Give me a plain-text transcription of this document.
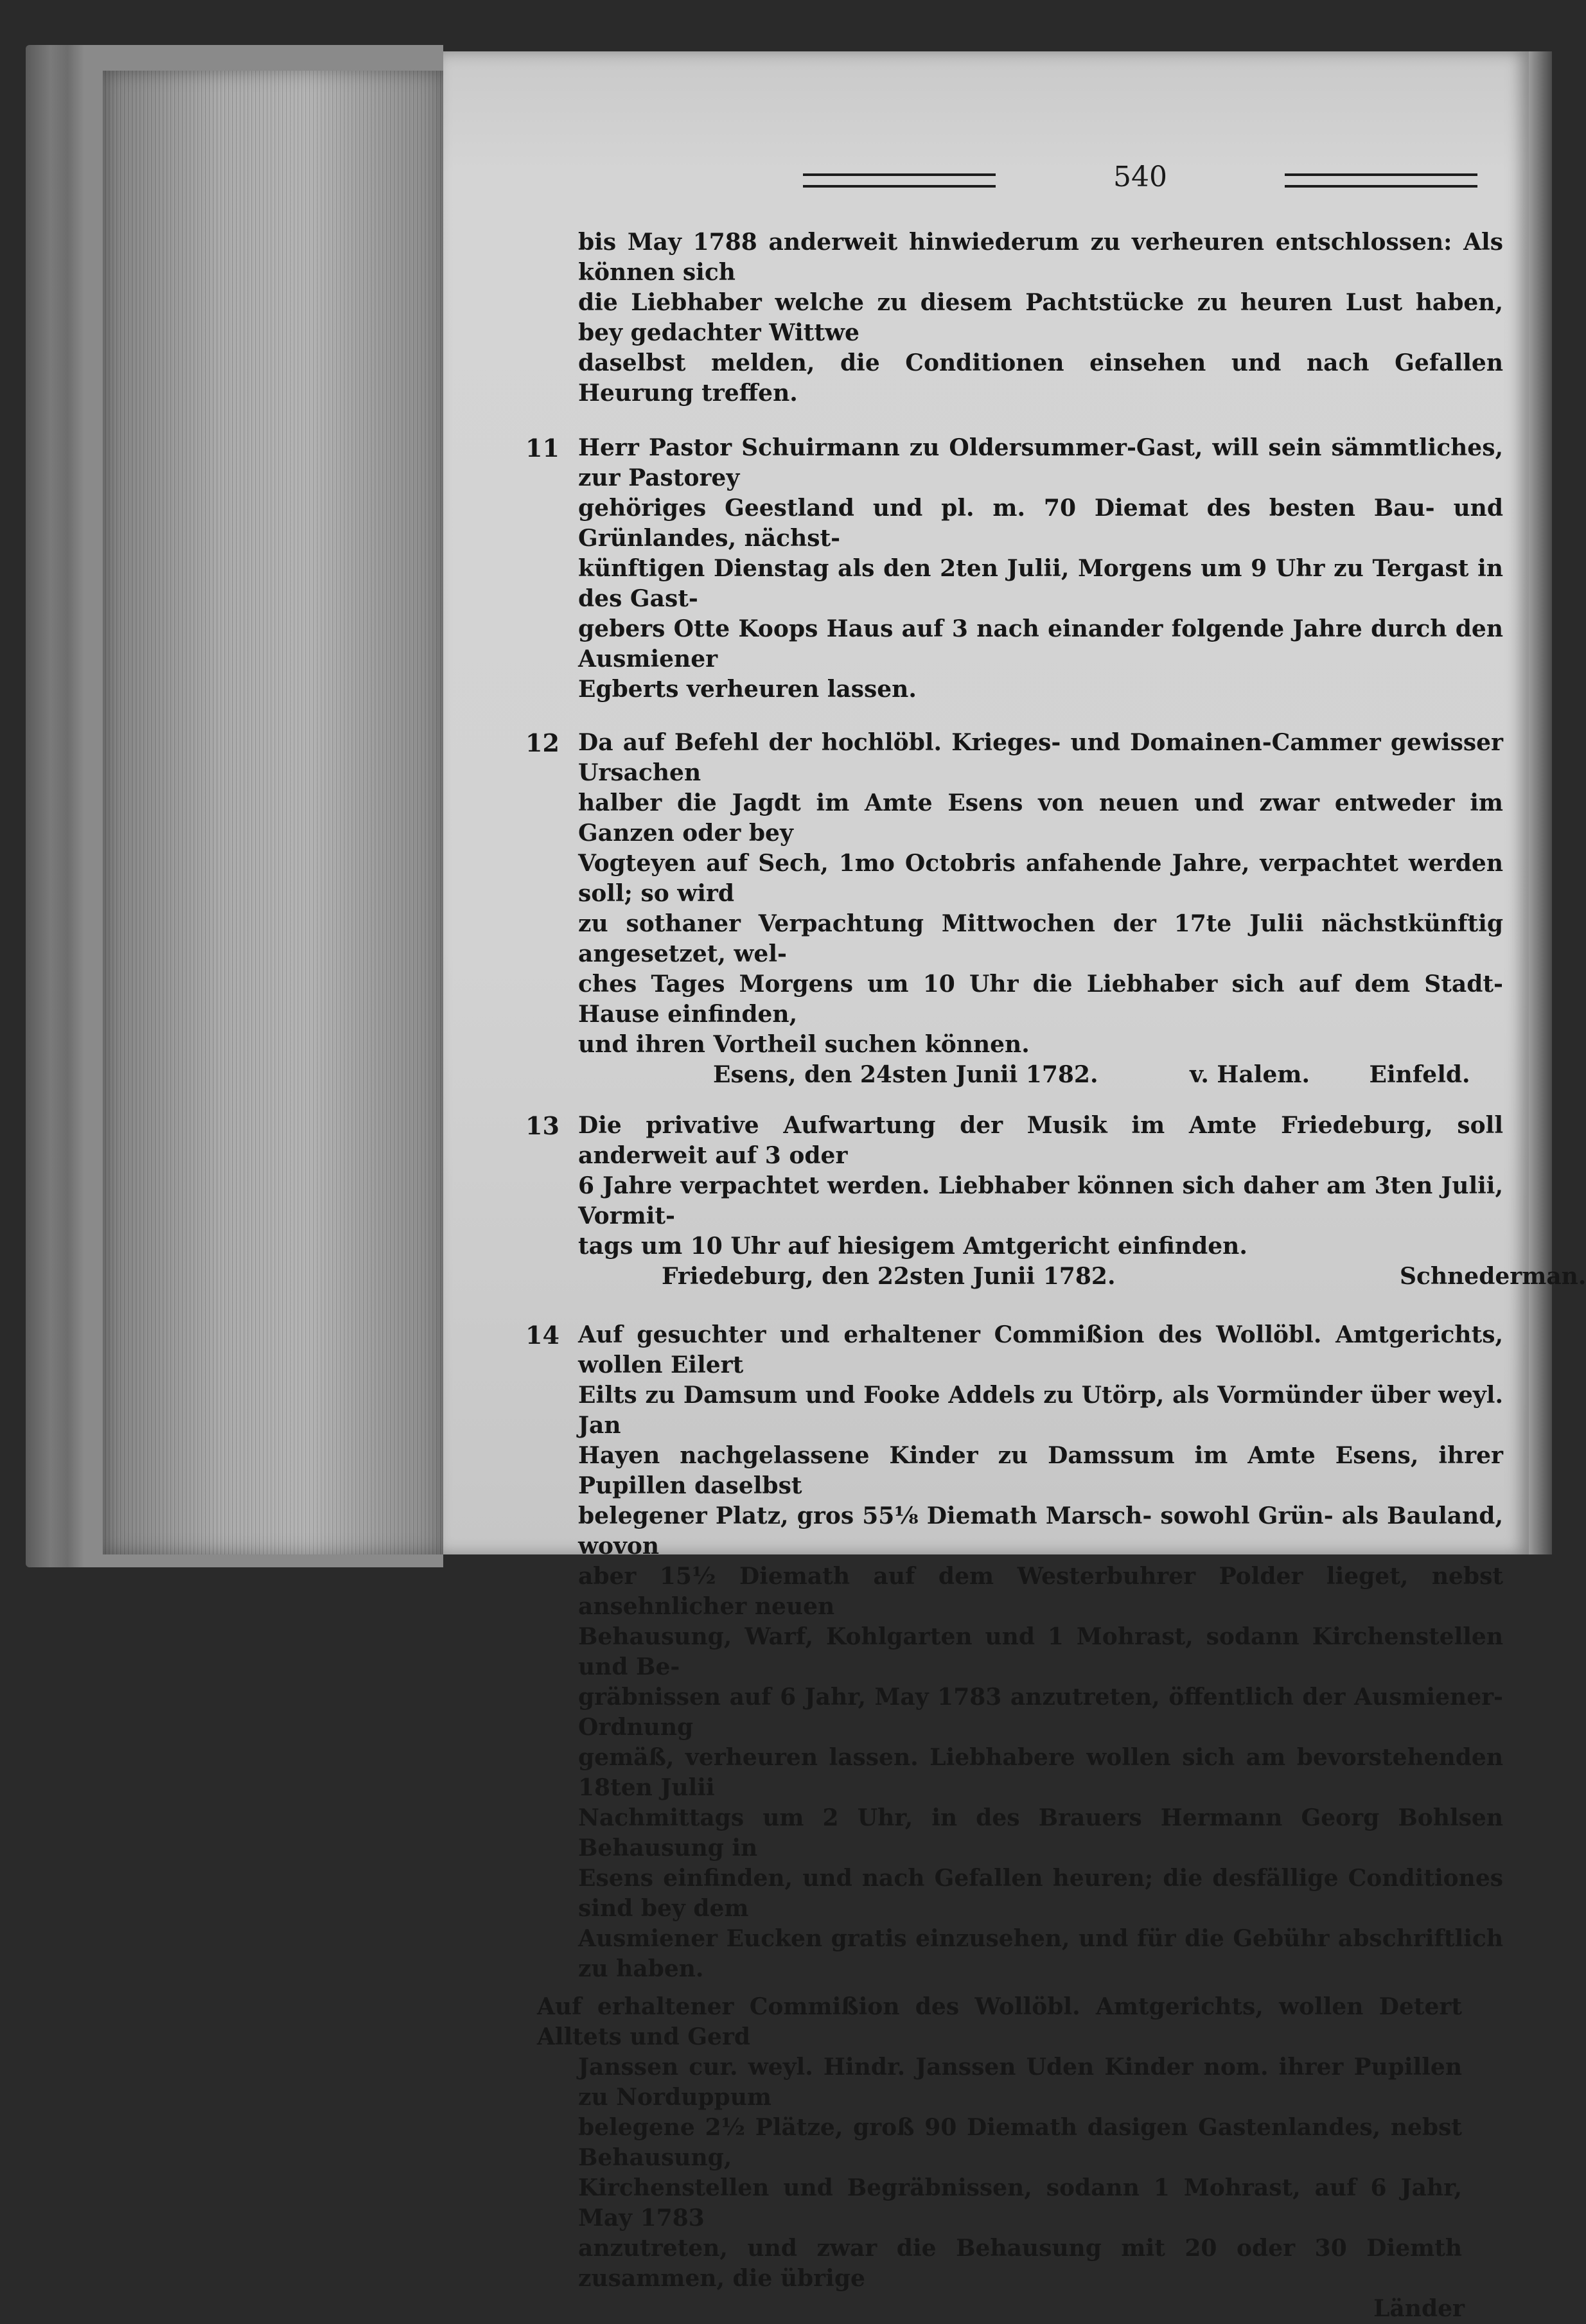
540
bis May 1788 anderweit hinwiederum zu verheuren entschlossen: Als können sich
die Liebhaber welche zu diesem Pachtstücke zu heuren Lust haben, bey gedachter Wittwe
daselbst melden, die Conditionen einsehen und nach Gefallen Heurung treffen.
11 Herr Pastor Schuirmann zu Oldersummer-Gast, will sein sämmtliches, zur Pastorey
gehöriges Geestland und pl. m. 70 Diemat des besten Bau- und Grünlandes, nächst-
künftigen Dienstag als den 2ten Julii, Morgens um 9 Uhr zu Tergast in des Gast-
gebers Otte Koops Haus auf 3 nach einander folgende Jahre durch den Ausmiener
Egberts verheuren lassen.
12 Da auf Befehl der hochlöbl. Krieges- und Domainen-Cammer gewisser Ursachen
halber die Jagdt im Amte Esens von neuen und zwar entweder im Ganzen oder bey
Vogteyen auf Sech, 1mo Octobris anfahende Jahre, verpachtet werden soll; so wird
zu sothaner Verpachtung Mittwochen der 17te Julii nächstkünftig angesetzet, wel-
ches Tages Morgens um 10 Uhr die Liebhaber sich auf dem Stadt-Hause einfinden,
und ihren Vortheil suchen können.
Esens, den 24sten Junii 1782.	v. Halem.	Einfeld.
13 Die privative Aufwartung der Musik im Amte Friedeburg, soll anderweit auf 3 oder
6 Jahre verpachtet werden. Liebhaber können sich daher am 3ten Julii, Vormit-
tags um 10 Uhr auf hiesigem Amtgericht einfinden.
Friedeburg, den 22sten Junii 1782.	Schnederman.
14 Auf gesuchter und erhaltener Commißion des Wollöbl. Amtgerichts, wollen Eilert
Eilts zu Damsum und Fooke Addels zu Utörp, als Vormünder über weyl. Jan
Hayen nachgelassene Kinder zu Damssum im Amte Esens, ihrer Pupillen daselbst
belegener Platz, gros 55⅛ Diemath Marsch- sowohl Grün- als Bauland, wovon
aber 15½ Diemath auf dem Westerbuhrer Polder lieget, nebst ansehnlicher neuen
Behausung, Warf, Kohlgarten und 1 Mohrast, sodann Kirchenstellen und Be-
gräbnissen auf 6 Jahr, May 1783 anzutreten, öffentlich der Ausmiener-Ordnung
gemäß, verheuren lassen. Liebhabere wollen sich am bevorstehenden 18ten Julii
Nachmittags um 2 Uhr, in des Brauers Hermann Georg Bohlsen Behausung in
Esens einfinden, und nach Gefallen heuren; die desfällige Conditiones sind bey dem
Ausmiener Eucken gratis einzusehen, und für die Gebühr abschriftlich zu haben.
Auf erhaltener Commißion des Wollöbl. Amtgerichts, wollen Detert Alltets und Gerd
Janssen cur. weyl. Hindr. Janssen Uden Kinder nom. ihrer Pupillen zu Norduppum
belegene 2½ Plätze, groß 90 Diemath dasigen Gastenlandes, nebst Behausung,
Kirchenstellen und Begräbnissen, sodann 1 Mohrast, auf 6 Jahr, May 1783
anzutreten, und zwar die Behausung mit 20 oder 30 Diemth zusammen, die übrige
Länder
